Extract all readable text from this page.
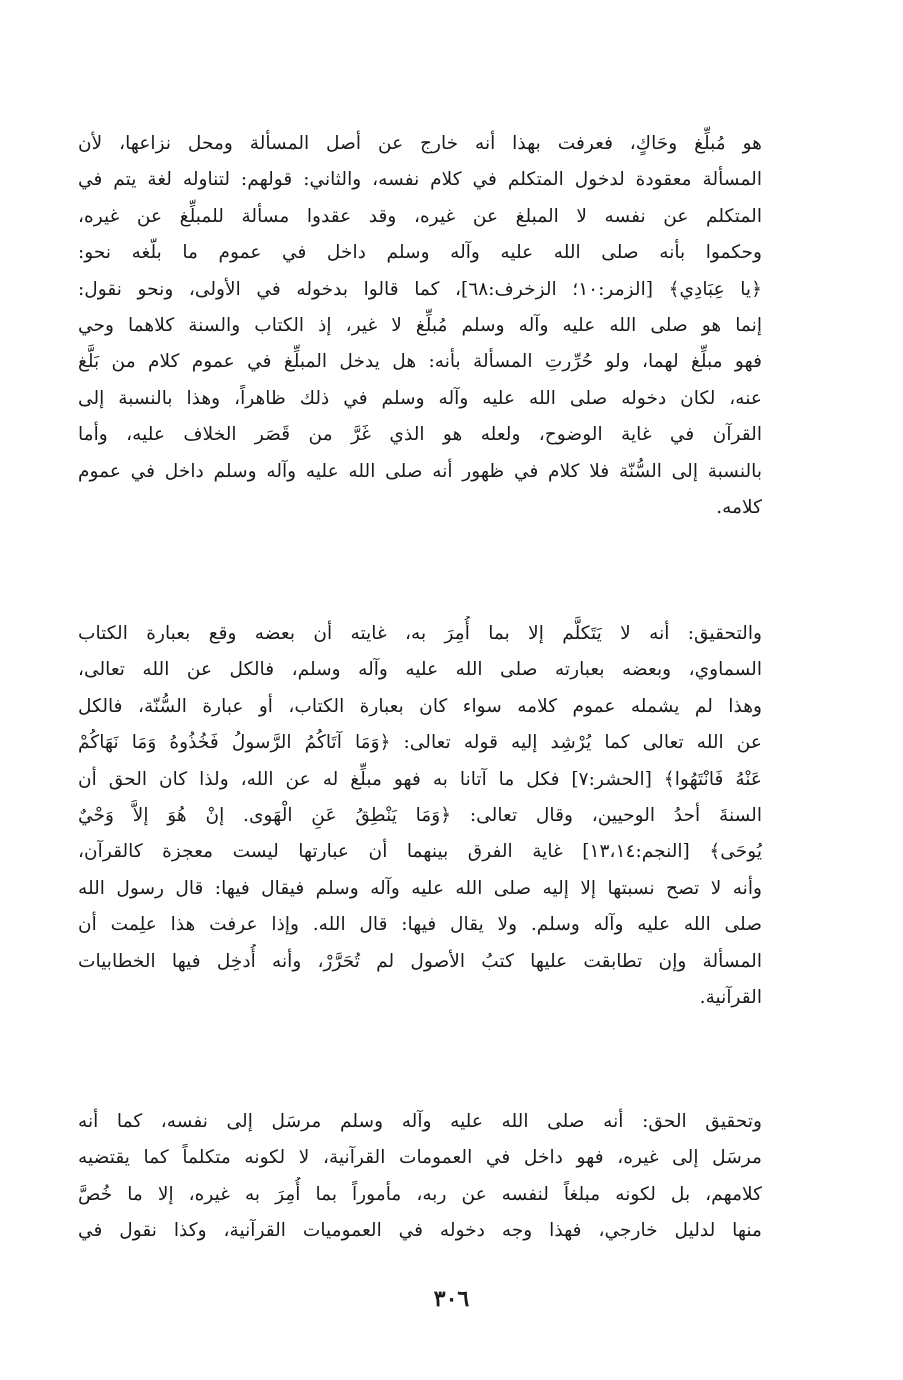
هو مُبلِّغ وحَاكٍ، فعرفت بهذا أنه خارج عن أصل المسألة ومحل نزاعها، لأن
المسألة معقودة لدخول المتكلم في كلام نفسه، والثاني: قولهم: لتناوله لغة يتم في
المتكلم عن نفسه لا المبلغ عن غيره، وقد عقدوا مسألة للمبلِّغ عن غيره،
وحكموا بأنه صلى الله عليه وآله وسلم داخل في عموم ما بلّغه نحو:
﴿يا عِبَادِي﴾ [الزمر:١٠؛ الزخرف:٦٨]، كما قالوا بدخوله في الأولى، ونحو نقول:
إنما هو صلى الله عليه وآله وسلم مُبلِّغ لا غير، إذ الكتاب والسنة كلاهما وحي
فهو مبلِّغ لهما، ولو حُرِّرتِ المسألة بأنه: هل يدخل المبلِّغ في عموم كلام من بَلَّغ
عنه، لكان دخوله صلى الله عليه وآله وسلم في ذلك ظاهراً، وهذا بالنسبة إلى
القرآن في غاية الوضوح، ولعله هو الذي غَرَّ من قَصَر الخلاف عليه، وأما
بالنسبة إلى السُّنّة فلا كلام في ظهور أنه صلى الله عليه وآله وسلم داخل في عموم
كلامه.
والتحقيق: أنه لا يَتَكلَّم إلا بما أُمِرَ به، غايته أن بعضه وقع بعبارة الكتاب
السماوي، وبعضه بعبارته صلى الله عليه وآله وسلم، فالكل عن الله تعالى،
وهذا لم يشمله عموم كلامه سواء كان بعبارة الكتاب، أو عبارة السُّنّة، فالكل
عن الله تعالى كما يُرْشِد إليه قوله تعالى: ﴿وَمَا آتَاكُمُ الرَّسولُ فَخُذُوهُ وَمَا نَهَاكُمْ
عَنْهُ فَانْتَهُوا﴾ [الحشر:٧] فكل ما آتانا به فهو مبلِّغ له عن الله، ولذا كان الحق أن
السنةَ أحدُ الوحيين، وقال تعالى: ﴿وَمَا يَنْطِقُ عَنِ الْهَوى. إنْ هُوَ إلاَّ وَحْيٌ
يُوحَى﴾ [النجم:١٣،١٤] غاية الفرق بينهما أن عبارتها ليست معجزة كالقرآن،
وأنه لا تصح نسبتها إلا إليه صلى الله عليه وآله وسلم فيقال فيها: قال رسول الله
صلى الله عليه وآله وسلم. ولا يقال فيها: قال الله. وإذا عرفت هذا علِمت أن
المسألة وإن تطابقت عليها كتبُ الأصول لم تُحَرَّرْ، وأنه أُدخِل فيها الخطابيات
القرآنية.
وتحقيق الحق: أنه صلى الله عليه وآله وسلم مرسَل إلى نفسه، كما أنه
مرسَل إلى غيره، فهو داخل في العمومات القرآنية، لا لكونه متكلماً كما يقتضيه
كلامهم، بل لكونه مبلغاً لنفسه عن ربه، مأموراً بما أُمِرَ به غيره، إلا ما خُصَّ
منها لدليل خارجي، فهذا وجه دخوله في العموميات القرآنية، وكذا نقول في
٣٠٦
